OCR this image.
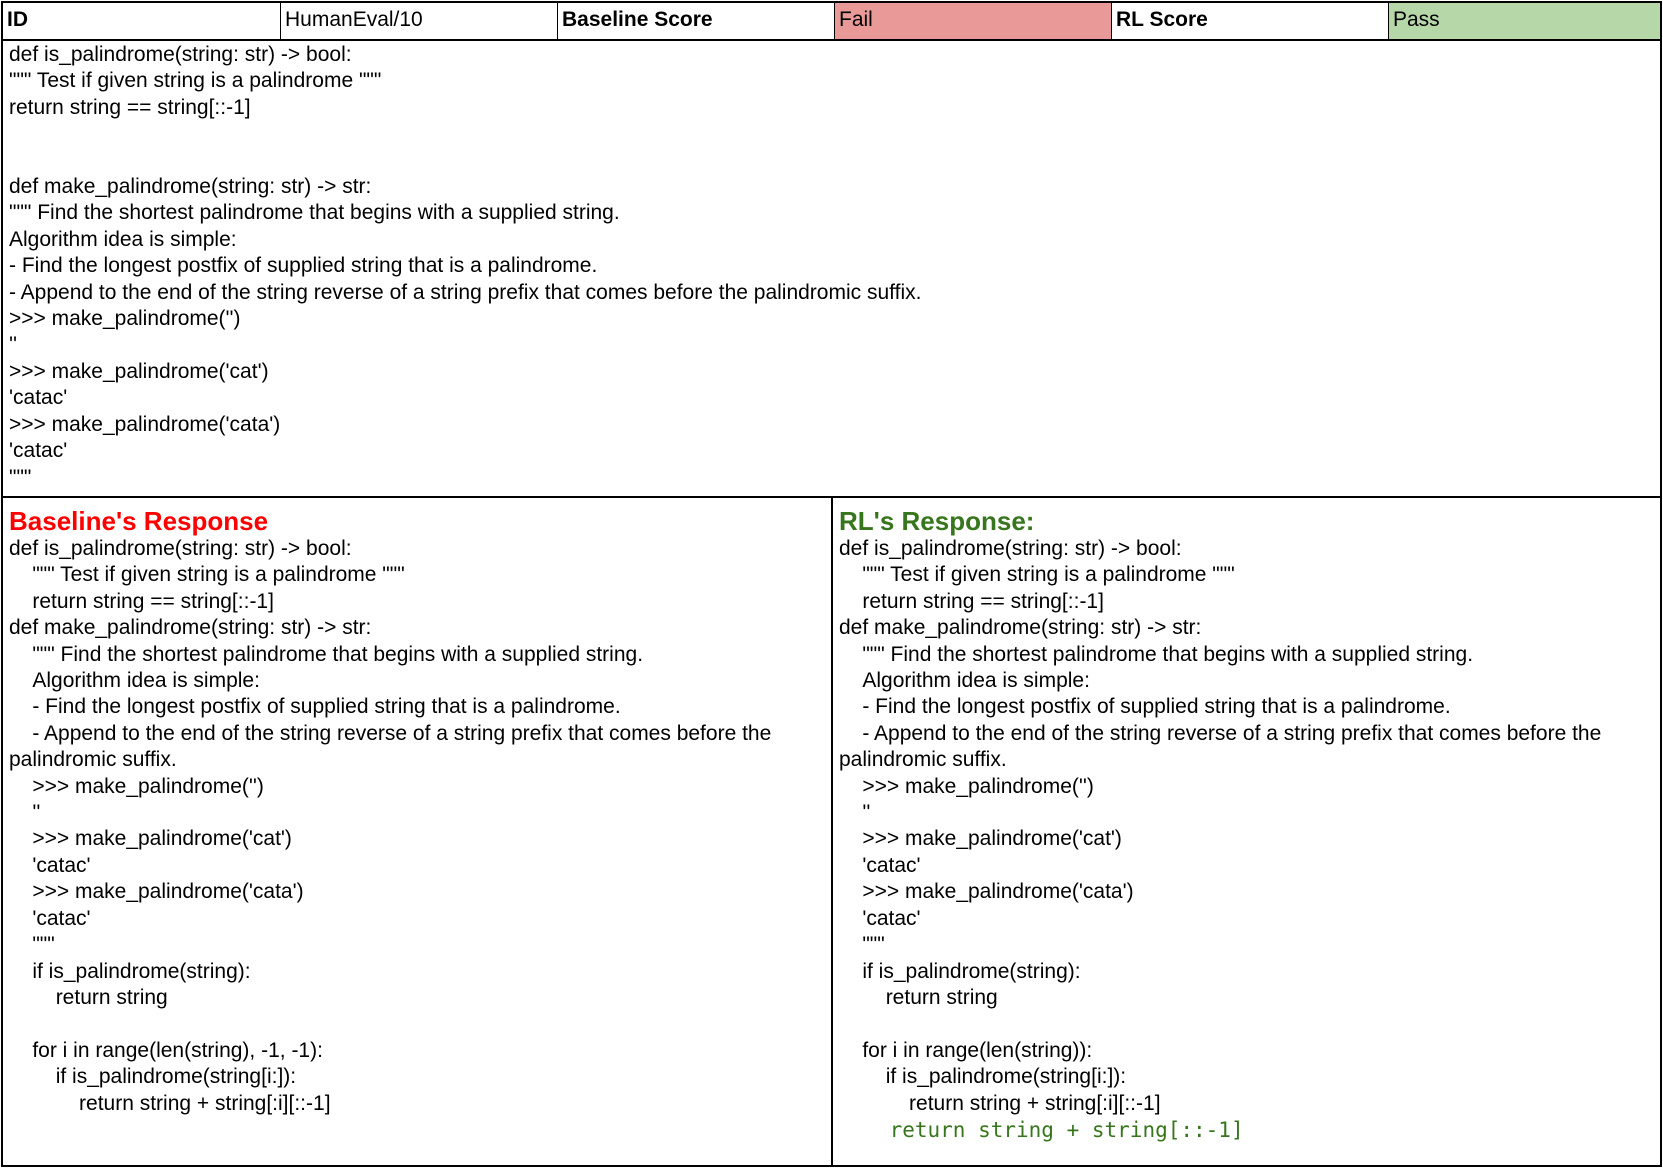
ID	HumanEval/10	Baseline Score	Fail	RL Score	Pass
def is_palindrome(string: str) -> bool:
""" Test if given string is a palindrome """
return string == string[::-1]

def make_palindrome(string: str) -> str:
""" Find the shortest palindrome that begins with a supplied string.
Algorithm idea is simple:
- Find the longest postfix of supplied string that is a palindrome.
- Append to the end of the string reverse of a string prefix that comes before the palindromic suffix.
>>> make_palindrome('')
''
>>> make_palindrome('cat')
'catac'
>>> make_palindrome('cata')
'catac'
"""
Baseline's Response
def is_palindrome(string: str) -> bool:
""" Test if given string is a palindrome """
return string == string[::-1]
def make_palindrome(string: str) -> str:
""" Find the shortest palindrome that begins with a supplied string.
Algorithm idea is simple:
- Find the longest postfix of supplied string that is a palindrome.
- Append to the end of the string reverse of a string prefix that comes before the palindromic suffix.
>>> make_palindrome('')
''
>>> make_palindrome('cat')
'catac'
>>> make_palindrome('cata')
'catac'
"""
if is_palindrome(string):
return string

for i in range(len(string), -1, -1):
if is_palindrome(string[i:]):
return string + string[:i][::-1]
RL's Response:
def is_palindrome(string: str) -> bool:
""" Test if given string is a palindrome """
return string == string[::-1]
def make_palindrome(string: str) -> str:
""" Find the shortest palindrome that begins with a supplied string.
Algorithm idea is simple:
- Find the longest postfix of supplied string that is a palindrome.
- Append to the end of the string reverse of a string prefix that comes before the palindromic suffix.
>>> make_palindrome('')
''
>>> make_palindrome('cat')
'catac'
>>> make_palindrome('cata')
'catac'
"""
if is_palindrome(string):
return string

for i in range(len(string)):
if is_palindrome(string[i:]):
return string + string[:i][::-1]

return string + string[::-1]
